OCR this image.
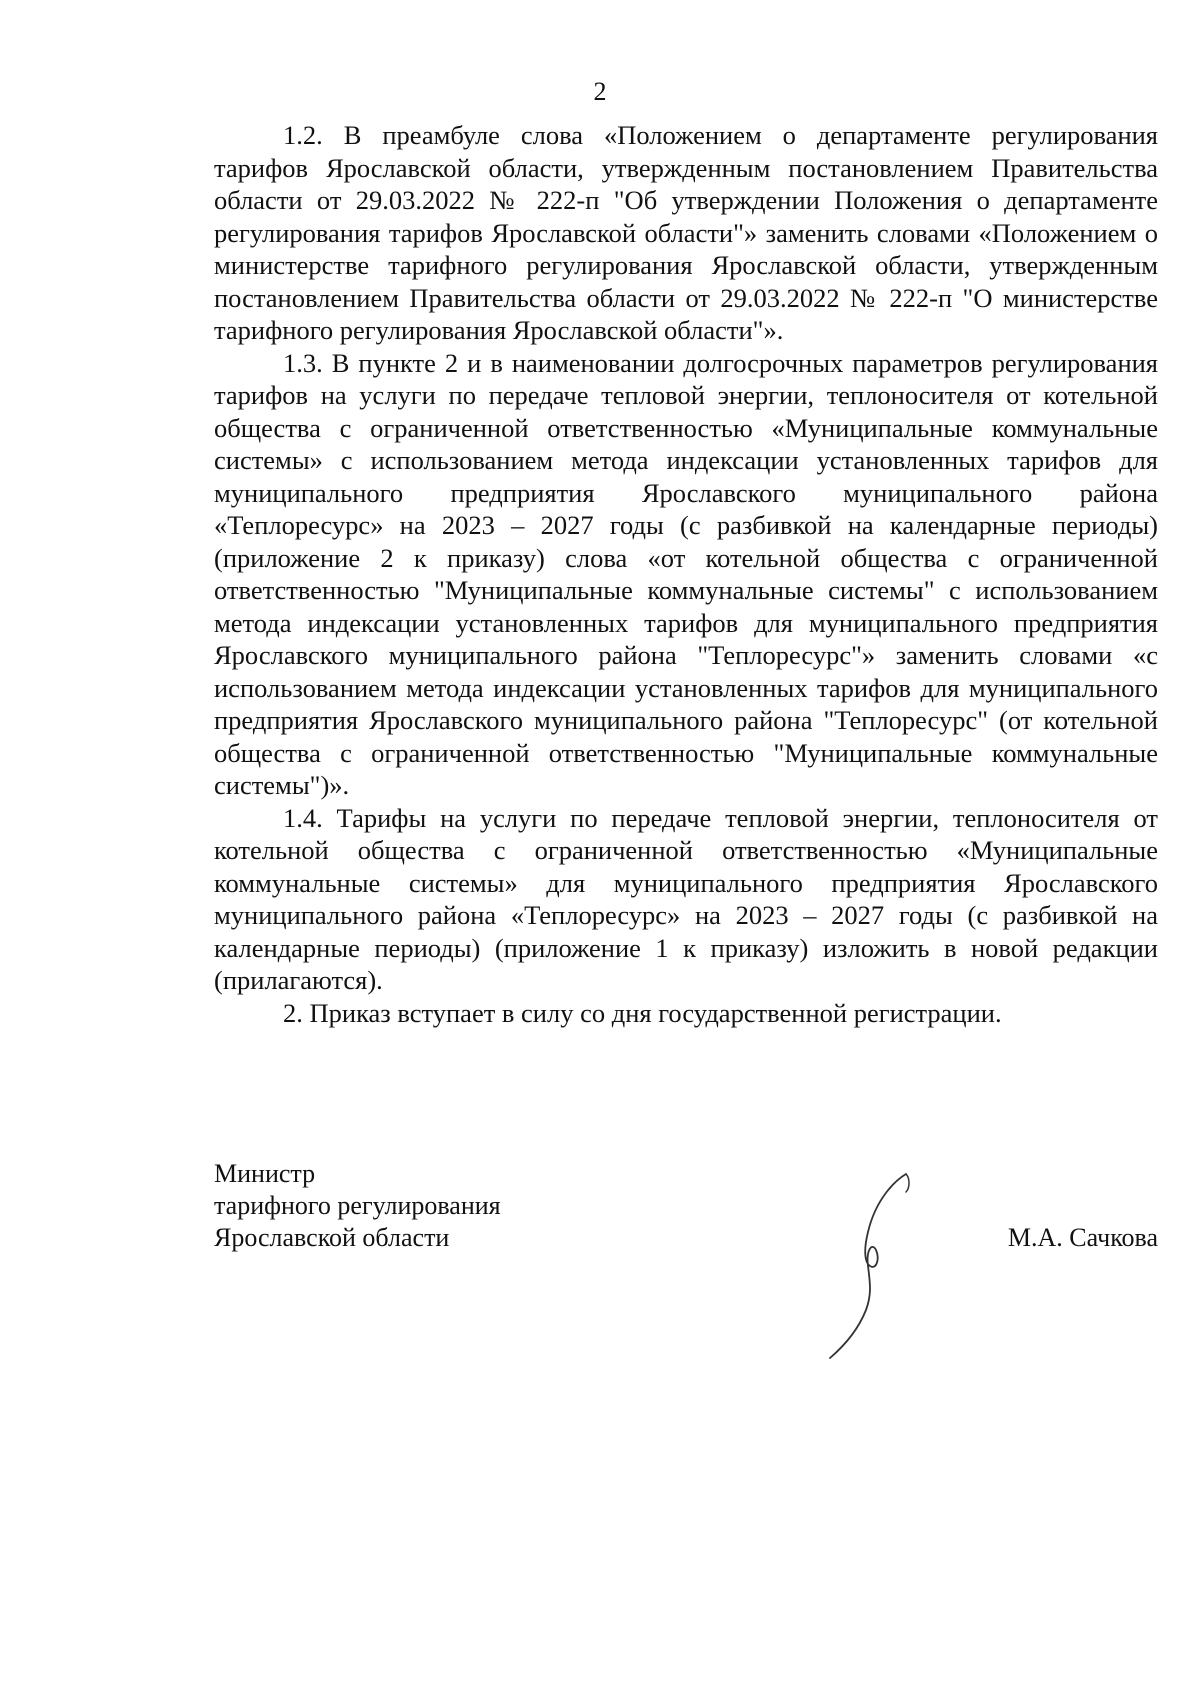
2

1.2. В преамбуле слова «Положением о департаменте регулирования тарифов Ярославской области, утвержденным постановлением Правительства области от 29.03.2022 № 222-п "Об утверждении Положения о департаменте регулирования тарифов Ярославской области"» заменить словами «Положением о министерстве тарифного регулирования Ярославской области, утвержденным постановлением Правительства области от 29.03.2022 № 222-п "О министерстве тарифного регулирования Ярославской области"».

1.3. В пункте 2 и в наименовании долгосрочных параметров регулирования тарифов на услуги по передаче тепловой энергии, теплоносителя от котельной общества с ограниченной ответственностью «Муниципальные коммунальные системы» с использованием метода индексации установленных тарифов для муниципального предприятия Ярославского муниципального района «Теплоресурс» на 2023 – 2027 годы (с разбивкой на календарные периоды) (приложение 2 к приказу) слова «от котельной общества с ограниченной ответственностью "Муниципальные коммунальные системы" с использованием метода индексации установленных тарифов для муниципального предприятия Ярославского муниципального района "Теплоресурс"» заменить словами «с использованием метода индексации установленных тарифов для муниципального предприятия Ярославского муниципального района "Теплоресурс" (от котельной общества с ограниченной ответственностью "Муниципальные коммунальные системы")».

1.4. Тарифы на услуги по передаче тепловой энергии, теплоносителя от котельной общества с ограниченной ответственностью «Муниципальные коммунальные системы» для муниципального предприятия Ярославского муниципального района «Теплоресурс» на 2023 – 2027 годы (с разбивкой на календарные периоды) (приложение 1 к приказу) изложить в новой редакции (прилагаются).

2. Приказ вступает в силу со дня государственной регистрации.

Министр
тарифного регулирования
Ярославской области	М.А. Сачкова
